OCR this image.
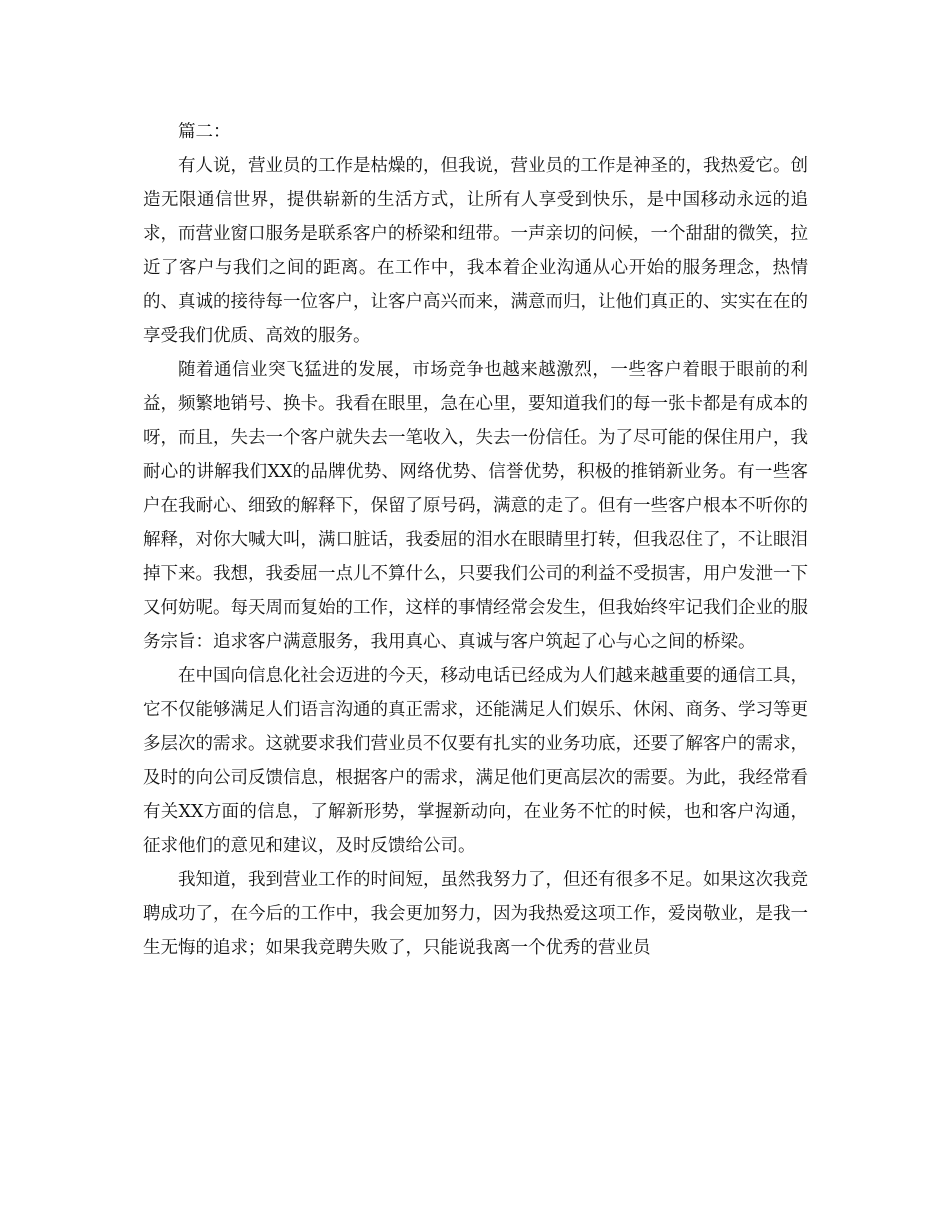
篇二：

有人说，营业员的工作是枯燥的，但我说，营业员的工作是神圣的，我热爱它。创造无限通信世界，提供崭新的生活方式，让所有人享受到快乐，是中国移动永远的追求，而营业窗口服务是联系客户的桥梁和纽带。一声亲切的问候，一个甜甜的微笑，拉近了客户与我们之间的距离。在工作中，我本着企业沟通从心开始的服务理念，热情的、真诚的接待每一位客户，让客户高兴而来，满意而归，让他们真正的、实实在在的享受我们优质、高效的服务。

随着通信业突飞猛进的发展，市场竞争也越来越激烈，一些客户着眼于眼前的利益，频繁地销号、换卡。我看在眼里，急在心里，要知道我们的每一张卡都是有成本的呀，而且，失去一个客户就失去一笔收入，失去一份信任。为了尽可能的保住用户，我耐心的讲解我们XX的品牌优势、网络优势、信誉优势，积极的推销新业务。有一些客户在我耐心、细致的解释下，保留了原号码，满意的走了。但有一些客户根本不听你的解释，对你大喊大叫，满口脏话，我委屈的泪水在眼睛里打转，但我忍住了，不让眼泪掉下来。我想，我委屈一点儿不算什么，只要我们公司的利益不受损害，用户发泄一下又何妨呢。每天周而复始的工作，这样的事情经常会发生，但我始终牢记我们企业的服务宗旨：追求客户满意服务，我用真心、真诚与客户筑起了心与心之间的桥梁。

在中国向信息化社会迈进的今天，移动电话已经成为人们越来越重要的通信工具，它不仅能够满足人们语言沟通的真正需求，还能满足人们娱乐、休闲、商务、学习等更多层次的需求。这就要求我们营业员不仅要有扎实的业务功底，还要了解客户的需求，及时的向公司反馈信息，根据客户的需求，满足他们更高层次的需要。为此，我经常看有关XX方面的信息，了解新形势，掌握新动向，在业务不忙的时候，也和客户沟通，征求他们的意见和建议，及时反馈给公司。

我知道，我到营业工作的时间短，虽然我努力了，但还有很多不足。如果这次我竞聘成功了，在今后的工作中，我会更加努力，因为我热爱这项工作，爱岗敬业，是我一生无悔的追求；如果我竞聘失败了，只能说我离一个优秀的营业员
